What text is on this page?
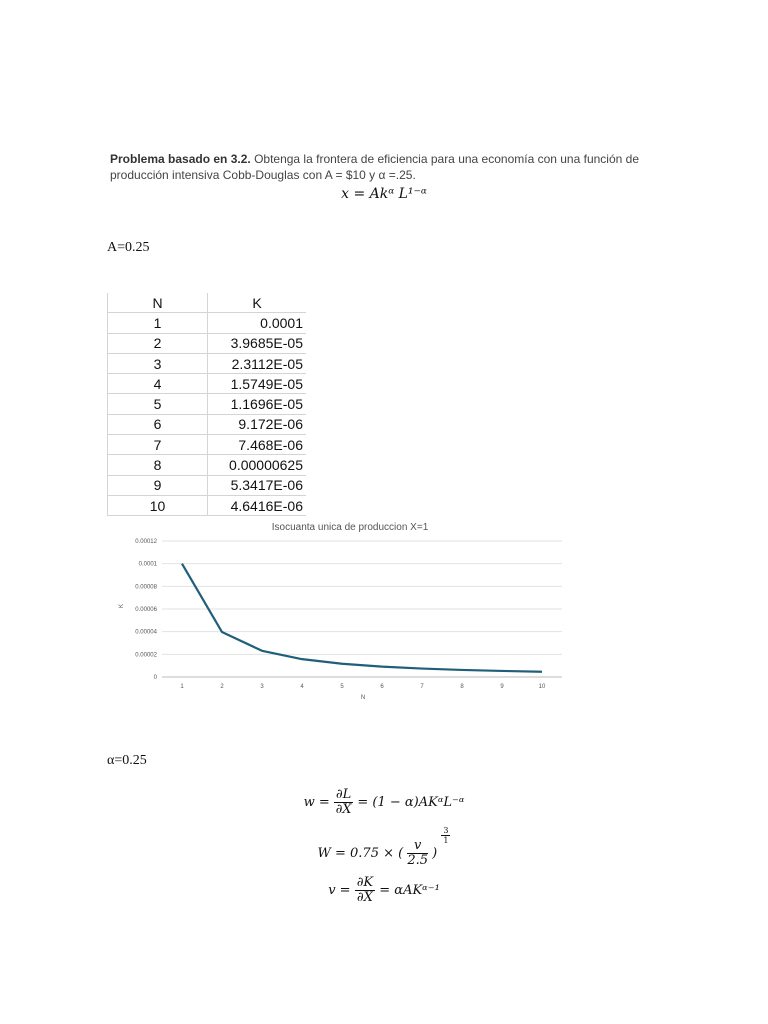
Problema basado en 3.2. Obtenga la frontera de eficiencia para una economía con una función de producción intensiva Cobb-Douglas con A = $10 y α =.25.
x = Akᵅ L¹⁻ᵅ
A=0.25
N	K
1	0.0001
2	3.9685E-05
3	2.3112E-05
4	1.5749E-05
5	1.1696E-05
6	9.172E-06
7	7.468E-06
8	0.00000625
9	5.3417E-06
10	4.6416E-06
Isocuanta unica de produccion X=1
K
N
0
0.00002
0.00004
0.00006
0.00008
0.0001
0.00012
1	2	3	4	5	6	7	8	9	10
α=0.25
$w = \frac{\partial L}{\partial X} = (1$ − α)AKᵅL⁻ᵅ
W = 0.75 × ( $\frac{v}{2.5}$ )
$\frac{3}{1}$
$v = \frac{\partial K}{\partial X}$ = αAKᵅ⁻¹
